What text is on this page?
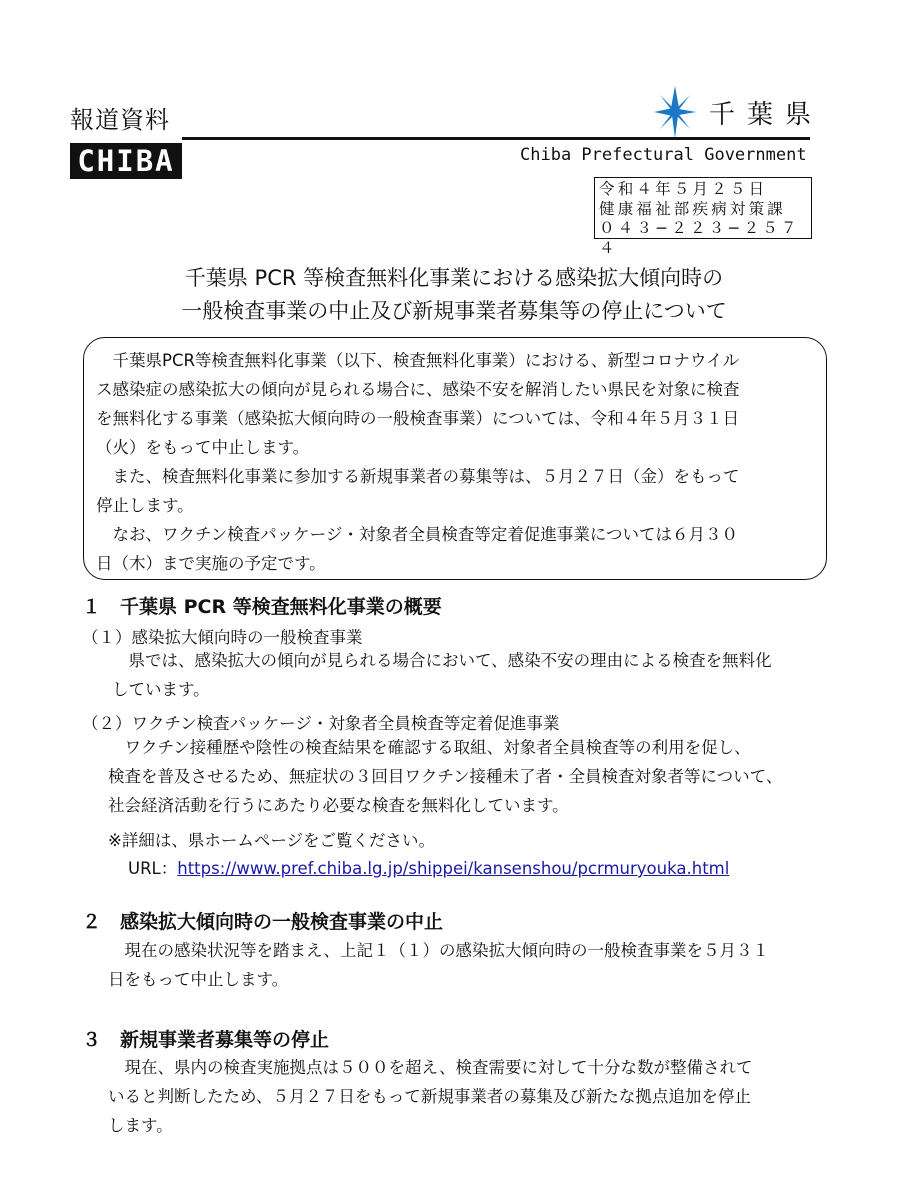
報道資料
CHIBA
千葉県
Chiba Prefectural Government
令和４年５月２５日
健康福祉部疾病対策課
０４３−２２３−２５７４
千葉県 PCR 等検査無料化事業における感染拡大傾向時の
一般検査事業の中止及び新規事業者募集等の停止について

千葉県PCR等検査無料化事業（以下、検査無料化事業）における、新型コロナウイル

ス感染症の感染拡大の傾向が見られる場合に、感染不安を解消したい県民を対象に検査

を無料化する事業（感染拡大傾向時の一般検査事業）については、令和４年５月３１日

（火）をもって中止します。

また、検査無料化事業に参加する新規事業者の募集等は、５月２７日（金）をもって

停止します。

なお、ワクチン検査パッケージ・対象者全員検査等定着促進事業については６月３０

日（木）まで実施の予定です。

１　千葉県 PCR 等検査無料化事業の概要
（１）感染拡大傾向時の一般検査事業

県では、感染拡大の傾向が見られる場合において、感染不安の理由による検査を無料化

しています。

（２）ワクチン検査パッケージ・対象者全員検査等定着促進事業

ワクチン接種歴や陰性の検査結果を確認する取組、対象者全員検査等の利用を促し、

検査を普及させるため、無症状の３回目ワクチン接種未了者・全員検査対象者等について、

社会経済活動を行うにあたり必要な検査を無料化しています。

※詳細は、県ホームページをご覧ください。
URL：https://www.pref.chiba.lg.jp/shippei/kansenshou/pcrmuryouka.html
２　感染拡大傾向時の一般検査事業の中止

現在の感染状況等を踏まえ、上記１（１）の感染拡大傾向時の一般検査事業を５月３１

日をもって中止します。

３　新規事業者募集等の停止

現在、県内の検査実施拠点は５００を超え、検査需要に対して十分な数が整備されて

いると判断したため、５月２７日をもって新規事業者の募集及び新たな拠点追加を停止

します。
